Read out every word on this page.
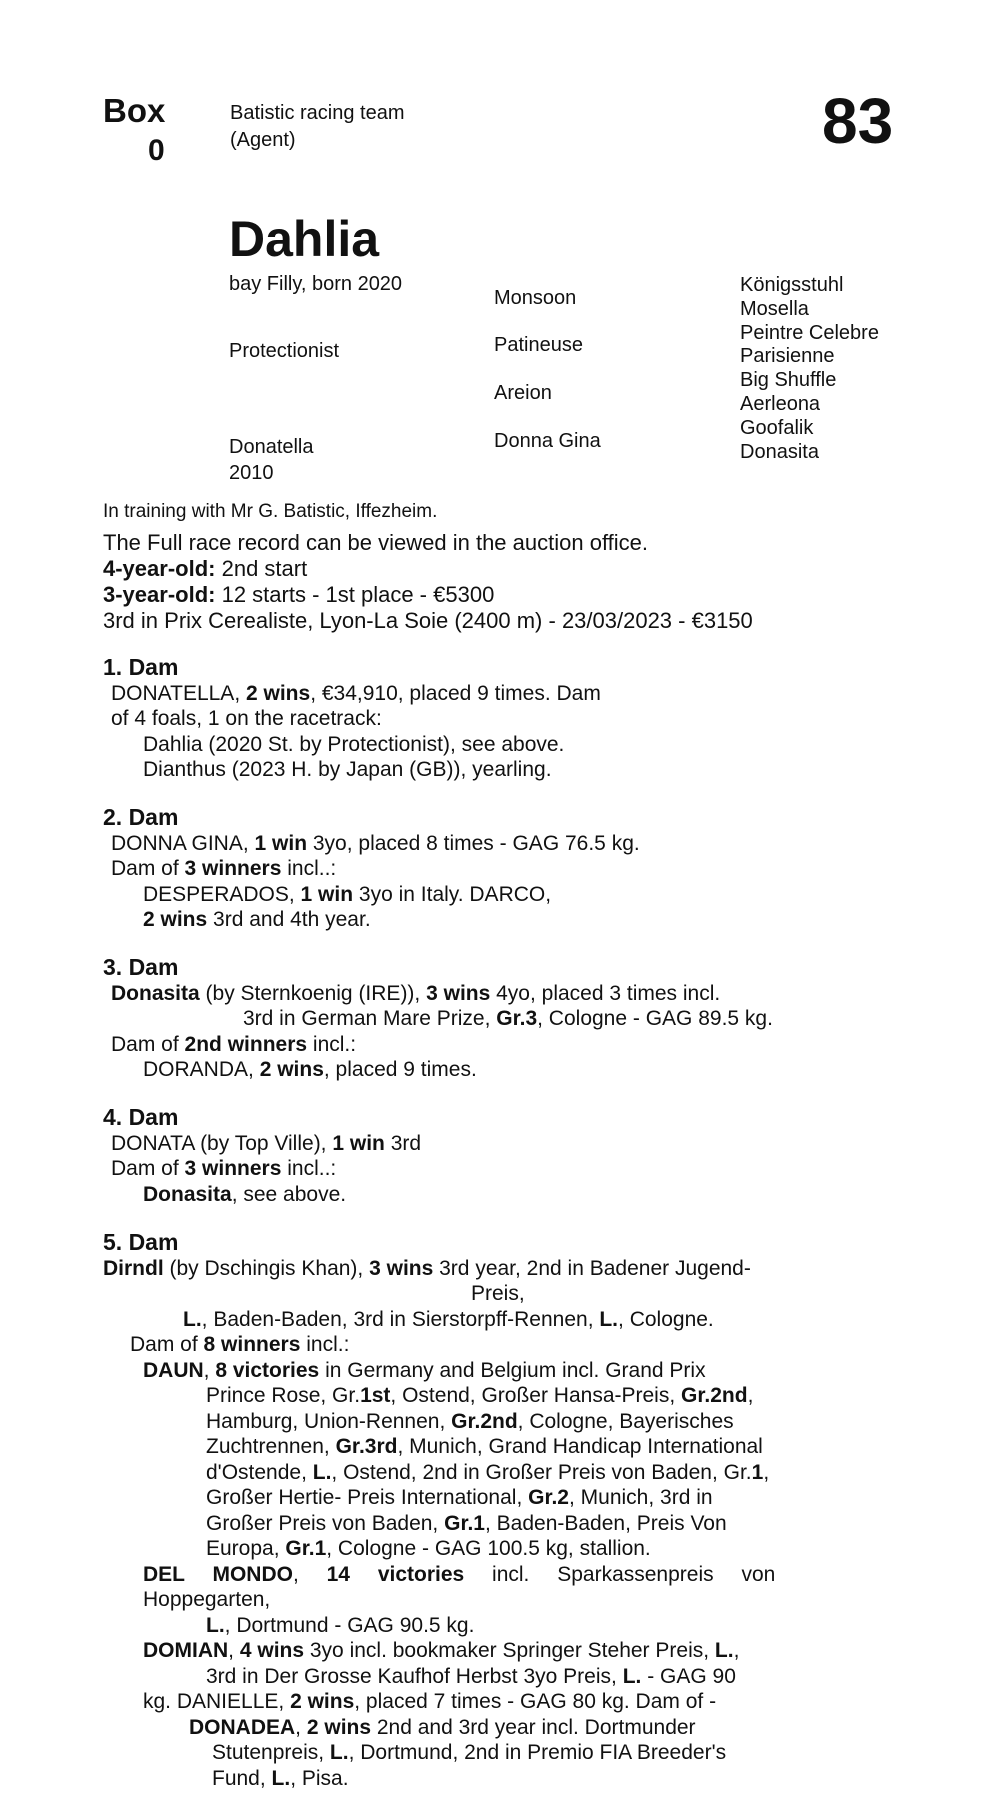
Box
0
Batistic racing team
(Agent)	83
Dahlia
bay Filly, born 2020
Protectionist
Donatella
2010
Monsoon
Patineuse
Areion
Donna Gina
Königsstuhl
Mosella
Peintre Celebre
Parisienne
Big Shuffle
Aerleona
Goofalik
Donasita
In training with Mr G. Batistic, Iffezheim.

The Full race record can be viewed in the auction office.

4-year-old: 2nd start

3-year-old: 12 starts - 1st place - €5300

3rd in Prix Cerealiste, Lyon-La Soie (2400 m) - 23/03/2023 - €3150

1. Dam

DONATELLA, 2 wins, €34,910, placed 9 times. Dam

of 4 foals, 1 on the racetrack:

Dahlia (2020 St. by Protectionist), see above.

Dianthus (2023 H. by Japan (GB)), yearling.

2. Dam

DONNA GINA, 1 win 3yo, placed 8 times - GAG 76.5 kg.

Dam of 3 winners incl..:

DESPERADOS, 1 win 3yo in Italy. DARCO,

2 wins 3rd and 4th year.

3. Dam

Donasita (by Sternkoenig (IRE)), 3 wins 4yo, placed 3 times incl.

3rd in German Mare Prize, Gr.3, Cologne - GAG 89.5 kg.

Dam of 2nd winners incl.:

DORANDA, 2 wins, placed 9 times.

4. Dam

DONATA (by Top Ville), 1 win 3rd

Dam of 3 winners incl..:

Donasita, see above.

5. Dam

Dirndl (by Dschingis Khan), 3 wins 3rd year, 2nd in Badener Jugend-

Preis,

L., Baden-Baden, 3rd in Sierstorpff-Rennen, L., Cologne.

Dam of 8 winners incl.:

DAUN, 8 victories in Germany and Belgium incl. Grand Prix

Prince Rose, Gr.1st, Ostend, Großer Hansa-Preis, Gr.2nd,

Hamburg, Union-Rennen, Gr.2nd, Cologne, Bayerisches

Zuchtrennen, Gr.3rd, Munich, Grand Handicap International

d'Ostende, L., Ostend, 2nd in Großer Preis von Baden, Gr.1,

Großer Hertie- Preis International, Gr.2, Munich, 3rd in

Großer Preis von Baden, Gr.1, Baden-Baden, Preis Von

Europa, Gr.1, Cologne - GAG 100.5 kg, stallion.

DEL MONDO, 14 victories incl. Sparkassenpreis von

Hoppegarten,

L., Dortmund - GAG 90.5 kg.

DOMIAN, 4 wins 3yo incl. bookmaker Springer Steher Preis, L.,

3rd in Der Grosse Kaufhof Herbst 3yo Preis, L. - GAG 90

kg. DANIELLE, 2 wins, placed 7 times - GAG 80 kg. Dam of -

DONADEA, 2 wins 2nd and 3rd year incl. Dortmunder

Stutenpreis, L., Dortmund, 2nd in Premio FIA Breeder's

Fund, L., Pisa.
